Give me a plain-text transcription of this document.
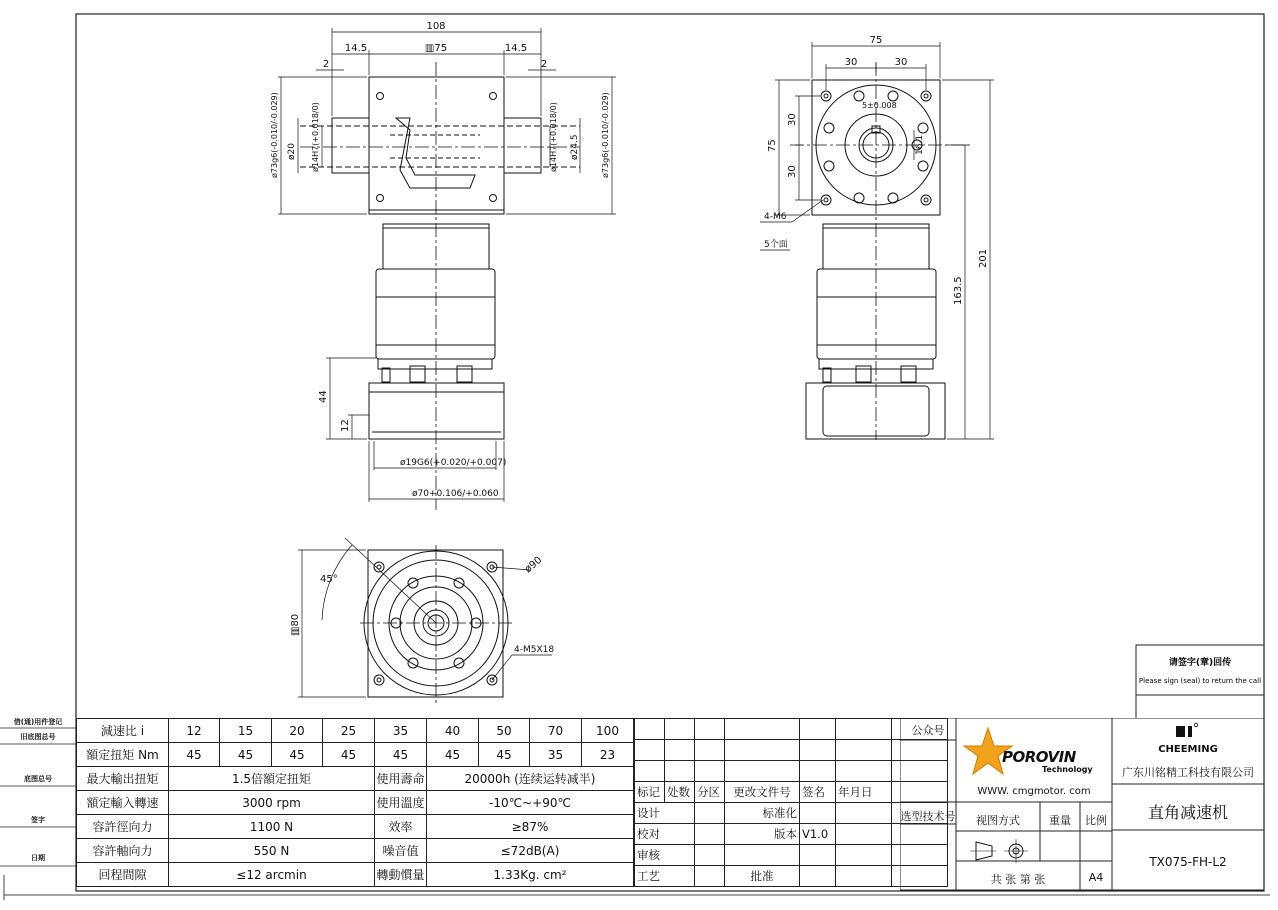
108
▥75
14.5	14.5
2	2
ø73g6(-0.010/-0.029) ø20 ø14H7(+0.018/0)	ø14H7(+0.018/0) ø24.5	ø73g6(-0.010/-0.029)
44
12
ø19G6(+0.020/+0.007)
ø70+0.106/+0.060
75
30	30
75
30
30
5±0.008
16.1
4-M6
5个面
201
163.5
45°
ø90
▥80
4-M5X18
请签字(章)回传
Please sign (seal) to return the call
借(通)用件登记
旧底图总号
底图总号
签字
日期
減速比 i	12	15	20	25	35	40	50	70	100
額定扭矩 Nm	45	45	45	45	45	45	45	35	23
最大輸出扭矩	1.5倍額定扭矩				使用壽命	20000h (连续运转减半)			
額定輸入轉速	3000 rpm				使用溫度	-10℃~+90℃			
容許徑向力	1100 N				效率	≥87%			
容許軸向力	550 N				噪音值	≤72dB(A)			
回程間隙	≤12 arcmin				轉動慣量	1.33Kg. cm²			

标记	处数	分区	更改文件号	签名	年月日	
设计			标准化			
校对			版本	V1.0		
审核						
工艺			批准			
公众号
选型技术号
POROVIN
Technology
WWW. cmgmotor. com
CHEEMING
广东川铭精工科技有限公司
直角减速机
视图方式	重量	比例
共 张 第 张	A4
TX075-FH-L2
